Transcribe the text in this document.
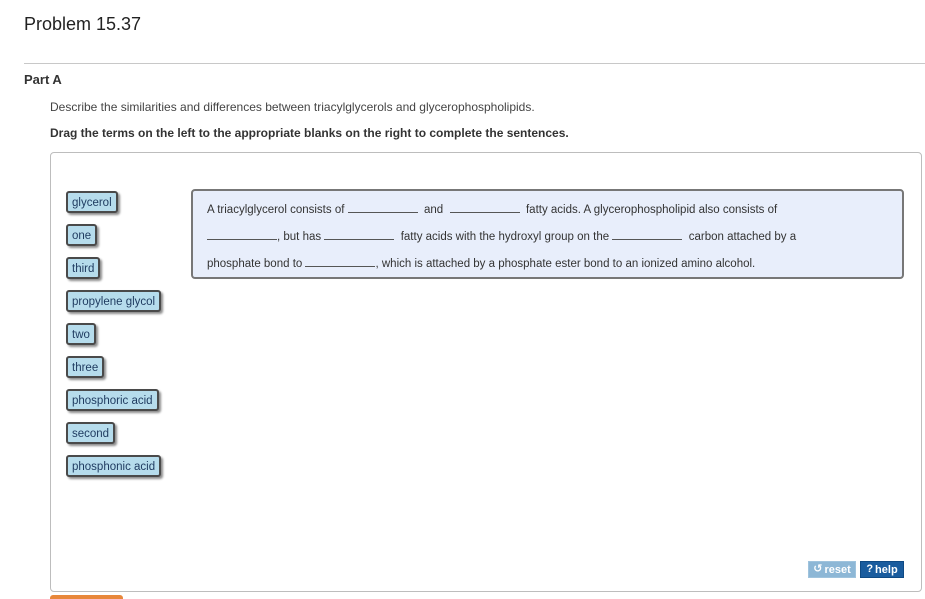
Problem 15.37
Part A

Describe the similarities and differences between triacylglycerols and glycerophospholipids.

Drag the terms on the left to the appropriate blanks on the right to complete the sentences.

glycerol
one
third
propylene glycol
two
three
phosphoric acid
second
phosphonic acid
A triacylglycerol consists of	and	fatty acids. A glycerophospholipid also consists of
, but has	fatty acids with the hydroxyl group on the	carbon attached by a
phosphate bond to	, which is attached by a phosphate ester bond to an ionized amino alcohol.
↺ reset ? help
